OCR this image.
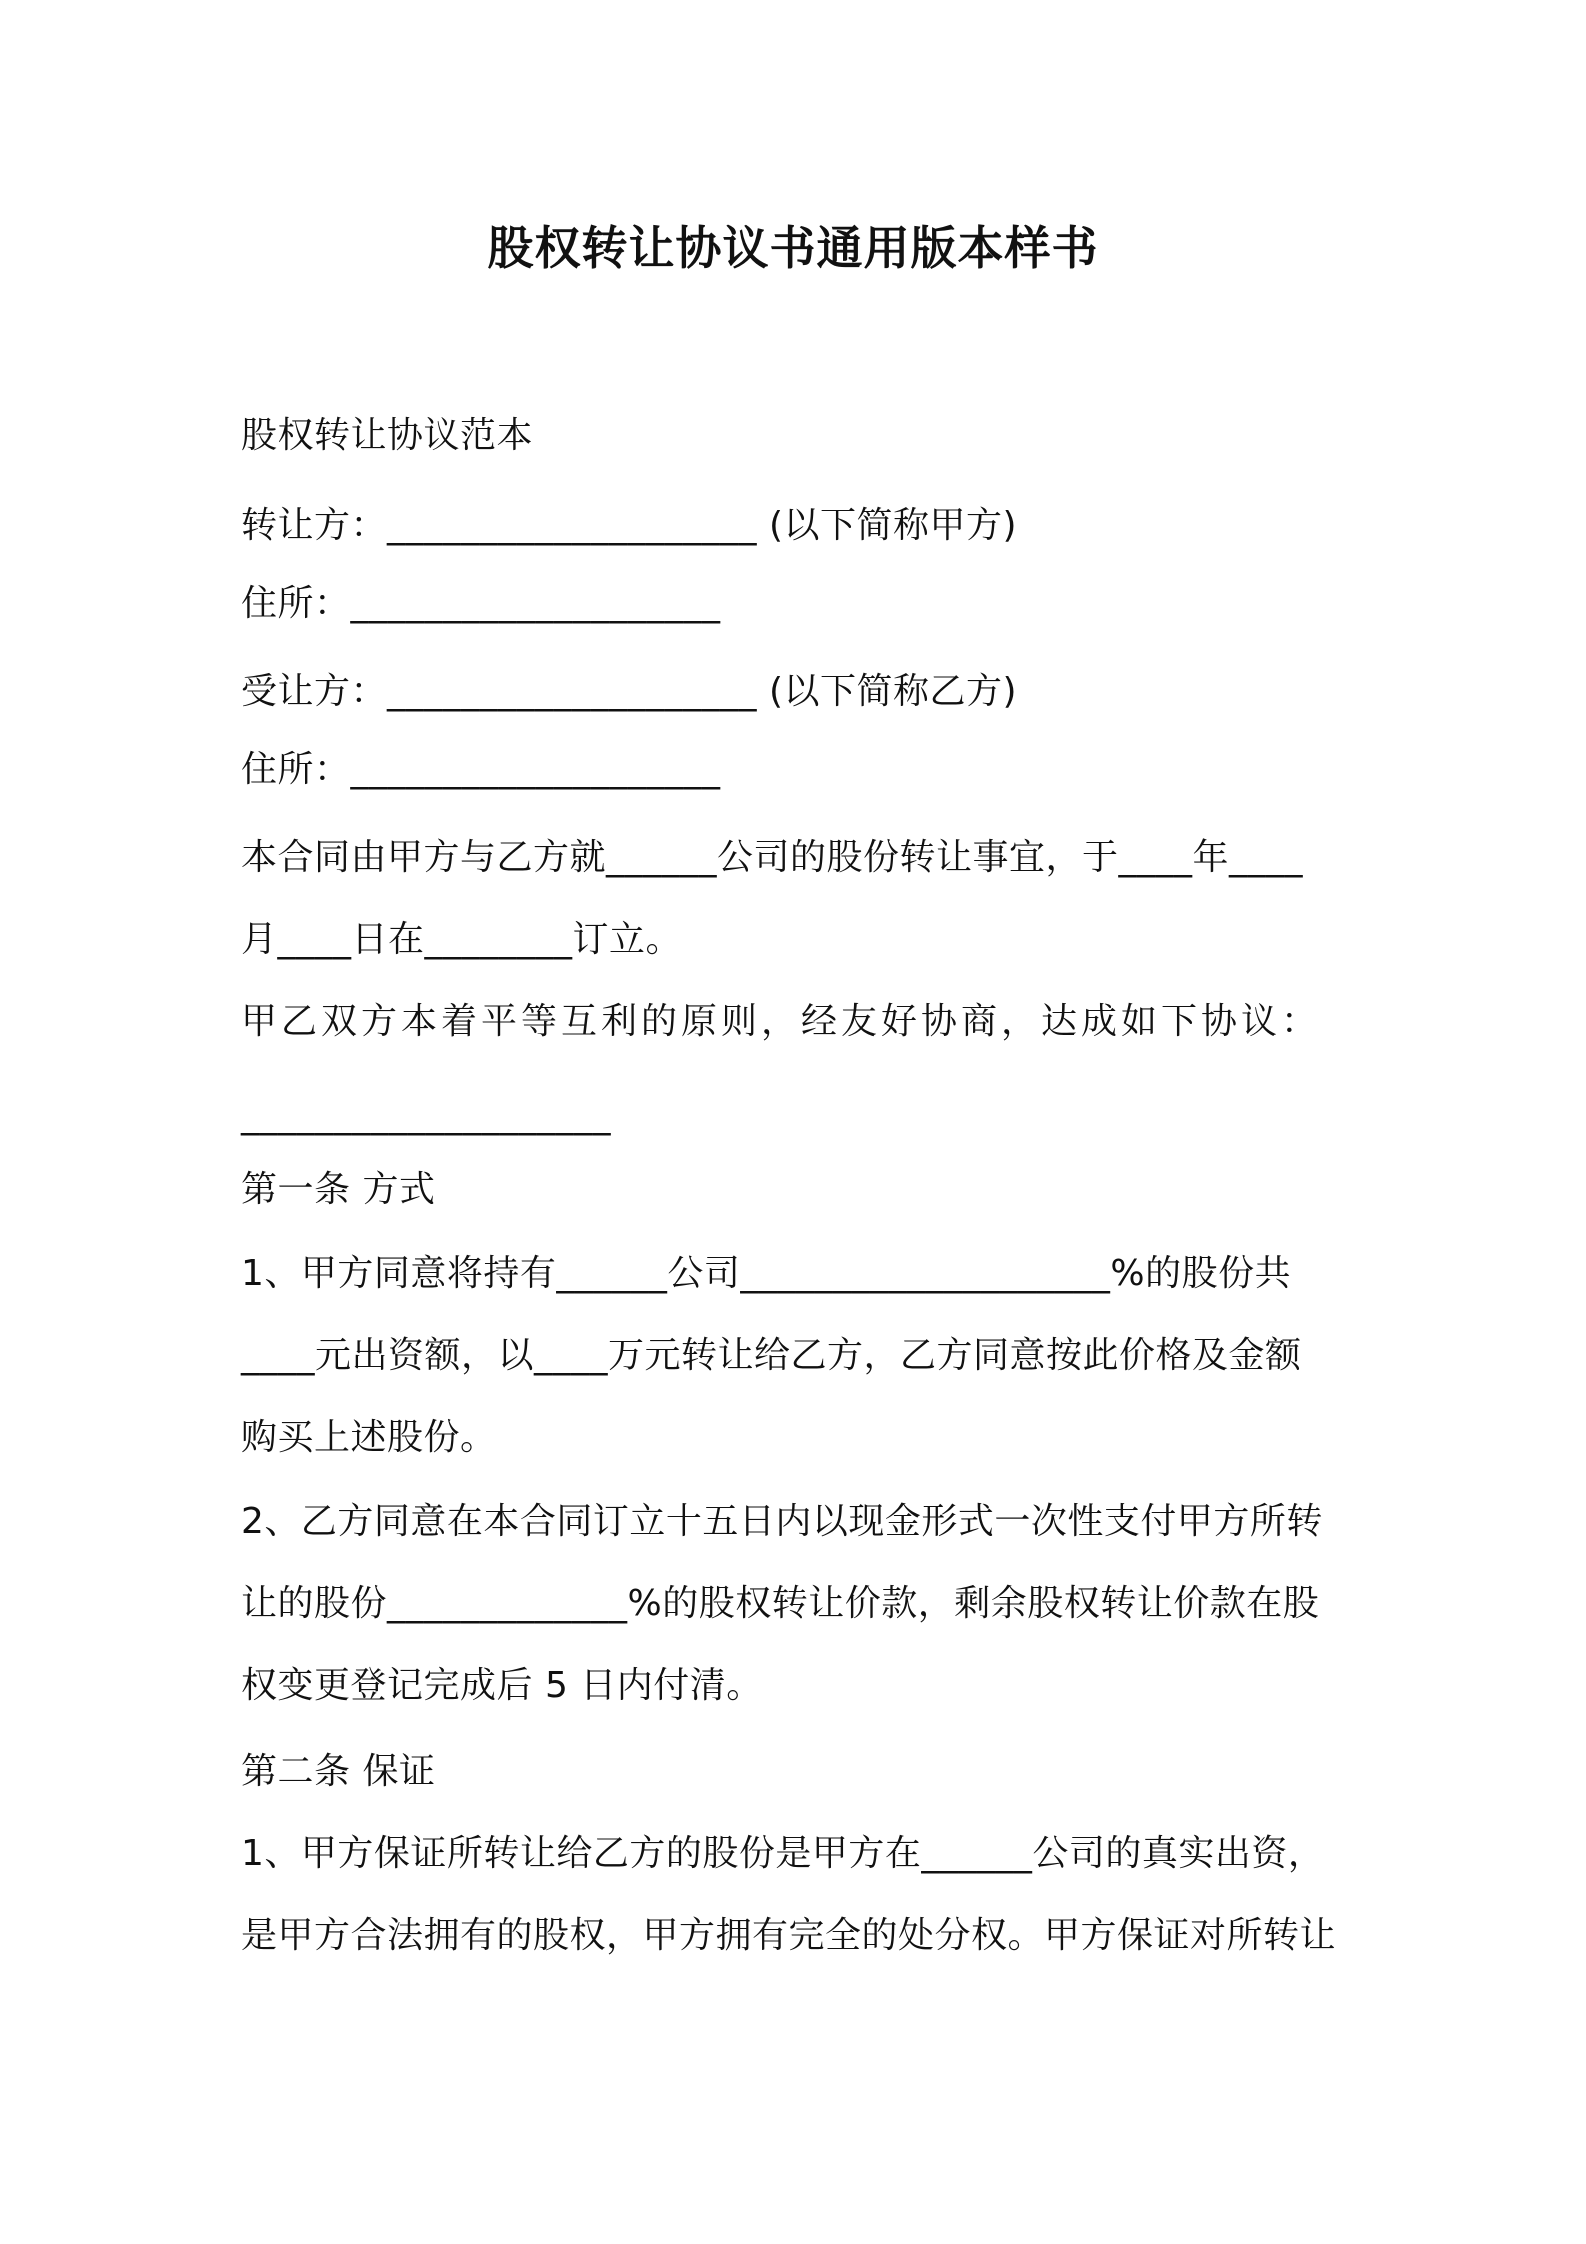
股权转让协议书通用版本样书
股权转让协议范本
转让方：____________________ (以下简称甲方)
住所：____________________
受让方：____________________ (以下简称乙方)
住所：____________________
本合同由甲方与乙方就______公司的股份转让事宜，于____年____
月____日在________订立。
甲乙双方本着平等互利的原则，经友好协商，达成如下协议：
____________________
第一条 方式
1、甲方同意将持有______公司____________________%的股份共
____元出资额，以____万元转让给乙方，乙方同意按此价格及金额
购买上述股份。
2、乙方同意在本合同订立十五日内以现金形式一次性支付甲方所转
让的股份_____________%的股权转让价款，剩余股权转让价款在股
权变更登记完成后 5 日内付清。
第二条 保证
1、甲方保证所转让给乙方的股份是甲方在______公司的真实出资，
是甲方合法拥有的股权，甲方拥有完全的处分权。甲方保证对所转让
